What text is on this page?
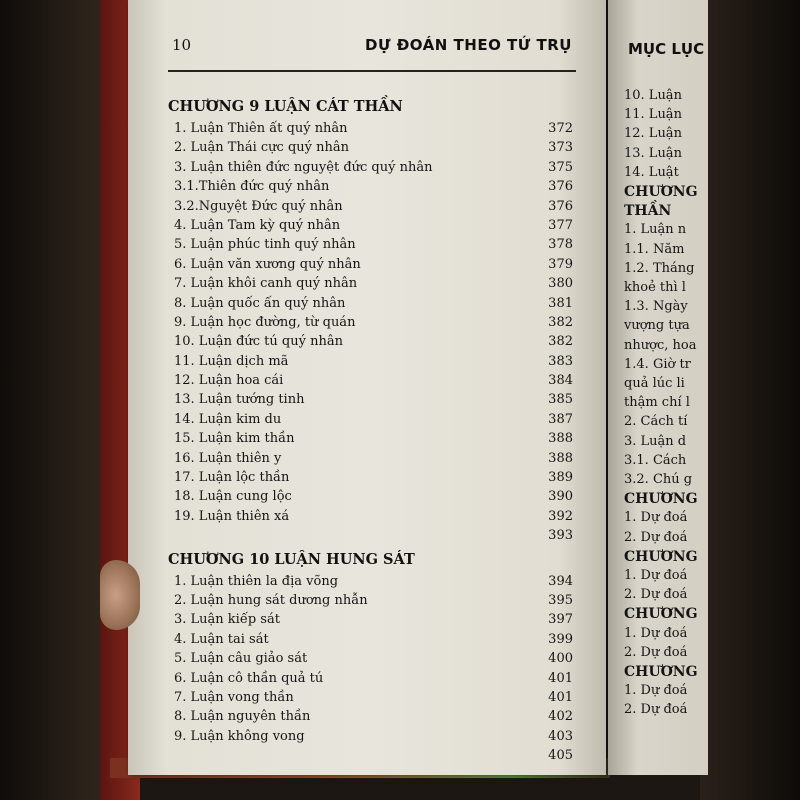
10	DỰ ĐOÁN THEO TỨ TRỤ
CHƯƠNG 9 LUẬN CÁT THẦN
1. Luận Thiên ất quý nhân	372
2. Luận Thái cực quý nhân	373
3. Luận thiên đức nguyệt đức quý nhân	375
3.1.Thiên đức quý nhân	376
3.2.Nguyệt Đức quý nhân	376
4. Luận Tam kỳ quý nhân	377
5. Luận phúc tinh quý nhân	378
6. Luận văn xương quý nhân	379
7. Luận khôi canh quý nhân	380
8. Luận quốc ấn quý nhân	381
9. Luận học đường, từ quán	382
10. Luận đức tú quý nhân	382
11. Luận dịch mã	383
12. Luận hoa cái	384
13. Luận tướng tinh	385
14. Luận kim du	387
15. Luận kim thần	388
16. Luận thiên y	388
17. Luận lộc thần	389
18. Luận cung lộc	390
19. Luận thiên xá	392
393
CHƯƠNG 10 LUẬN HUNG SÁT
1. Luận thiên la địa võng	394
2. Luận hung sát dương nhẫn	395
3. Luận kiếp sát	397
4. Luận tai sát	399
5. Luận câu giảo sát	400
6. Luận cô thần quả tú	401
7. Luận vong thần	401
8. Luận nguyên thần	402
9. Luận không vong	403
405
MỤC LỤC
10. Luận
11. Luận
12. Luận
13. Luận
14. Luật
CHƯƠNG
THẦN
1. Luận n
1.1. Năm
1.2. Tháng
khoẻ thì l
1.3. Ngày
vượng tựa
nhược, hoa
1.4. Giờ tr
quả lúc li
thậm chí l
2. Cách tí
3. Luận d
3.1. Cách
3.2. Chú g
CHƯƠNG
1. Dự đoá
2. Dự đoá
CHƯƠNG
1. Dự đoá
2. Dự đoá
CHƯƠNG
1. Dự đoá
2. Dự đoá
CHƯƠNG
1. Dự đoá
2. Dự đoá
